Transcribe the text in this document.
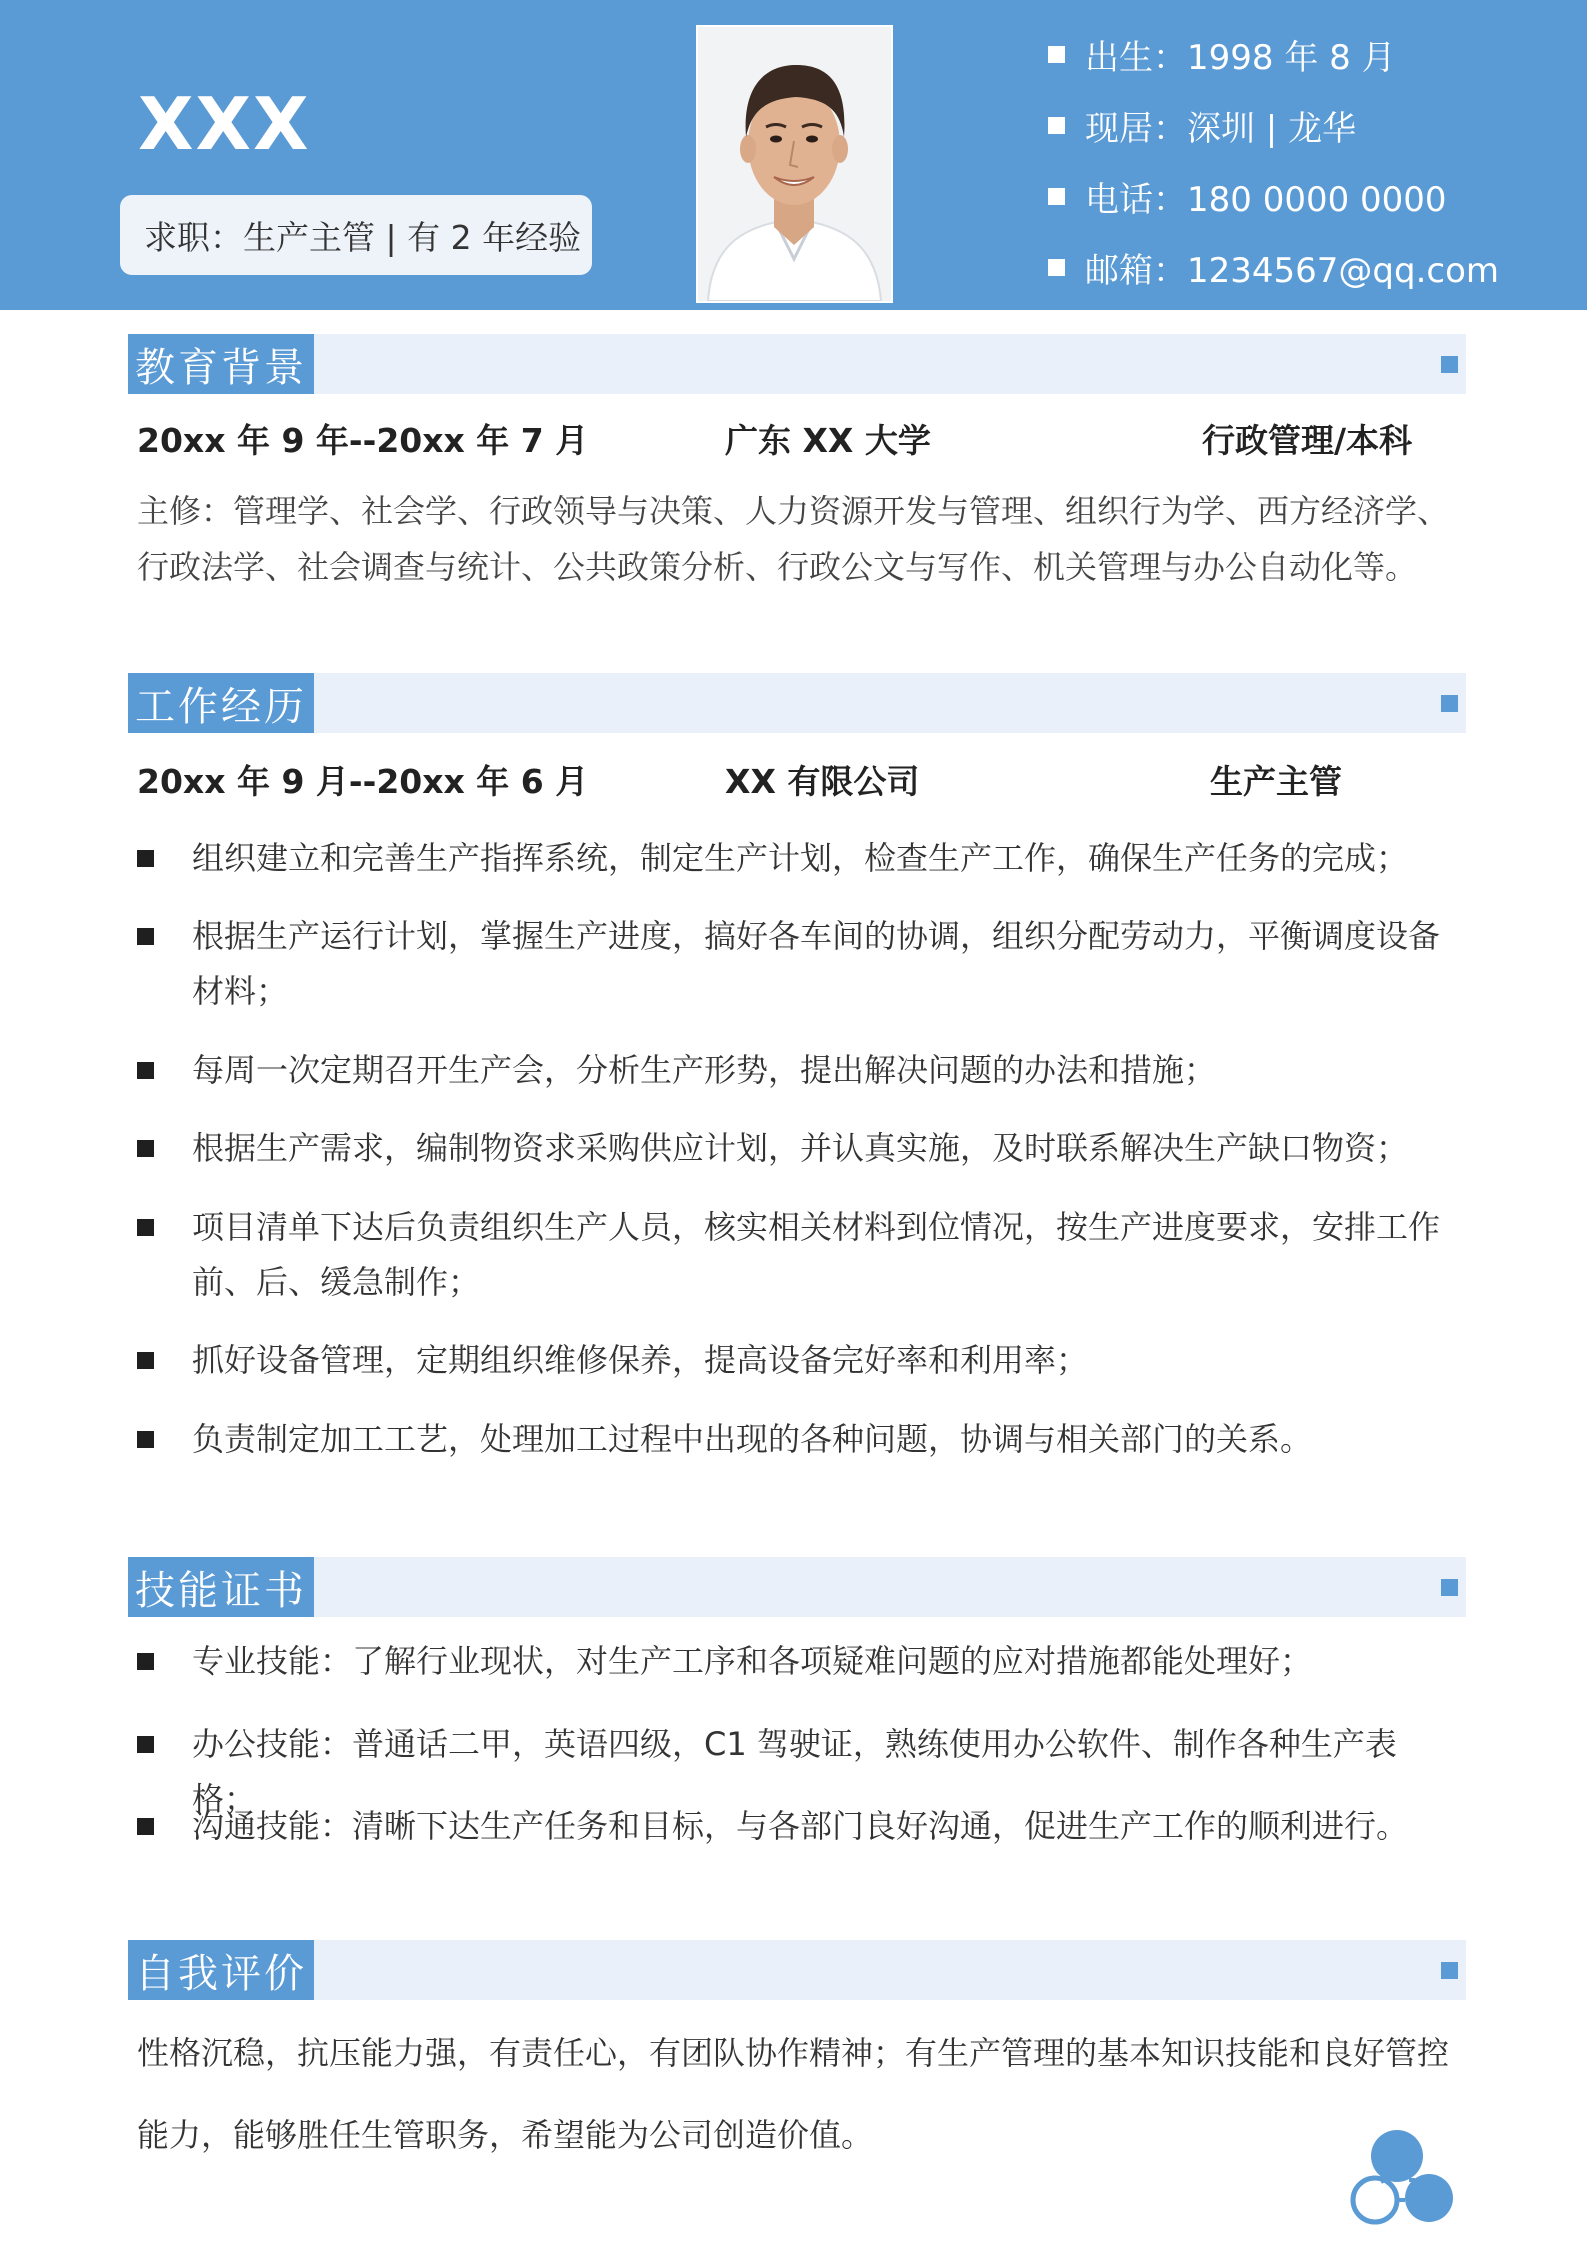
XXX
求职：生产主管 | 有 2 年经验
出生：1998 年 8 月
现居：深圳 | 龙华
电话：180 0000 0000
邮箱：1234567@qq.com
教育背景
20xx 年 9 年--20xx 年 7 月	广东 XX 大学	行政管理/本科
主修：管理学、社会学、行政领导与决策、人力资源开发与管理、组织行为学、西方经济学、行政法学、社会调查与统计、公共政策分析、行政公文与写作、机关管理与办公自动化等。
工作经历
20xx 年 9 月--20xx 年 6 月	XX 有限公司	生产主管
组织建立和完善生产指挥系统，制定生产计划，检查生产工作，确保生产任务的完成；
根据生产运行计划，掌握生产进度，搞好各车间的协调，组织分配劳动力，平衡调度设备材料；
每周一次定期召开生产会，分析生产形势，提出解决问题的办法和措施；
根据生产需求，编制物资求采购供应计划，并认真实施，及时联系解决生产缺口物资；
项目清单下达后负责组织生产人员，核实相关材料到位情况，按生产进度要求，安排工作前、后、缓急制作；
抓好设备管理，定期组织维修保养，提高设备完好率和利用率；
负责制定加工工艺，处理加工过程中出现的各种问题，协调与相关部门的关系。
技能证书
专业技能：了解行业现状，对生产工序和各项疑难问题的应对措施都能处理好；
办公技能：普通话二甲，英语四级，C1 驾驶证，熟练使用办公软件、制作各种生产表格；
沟通技能：清晰下达生产任务和目标，与各部门良好沟通，促进生产工作的顺利进行。
自我评价
性格沉稳，抗压能力强，有责任心，有团队协作精神；有生产管理的基本知识技能和良好管控能力，能够胜任生管职务，希望能为公司创造价值。
